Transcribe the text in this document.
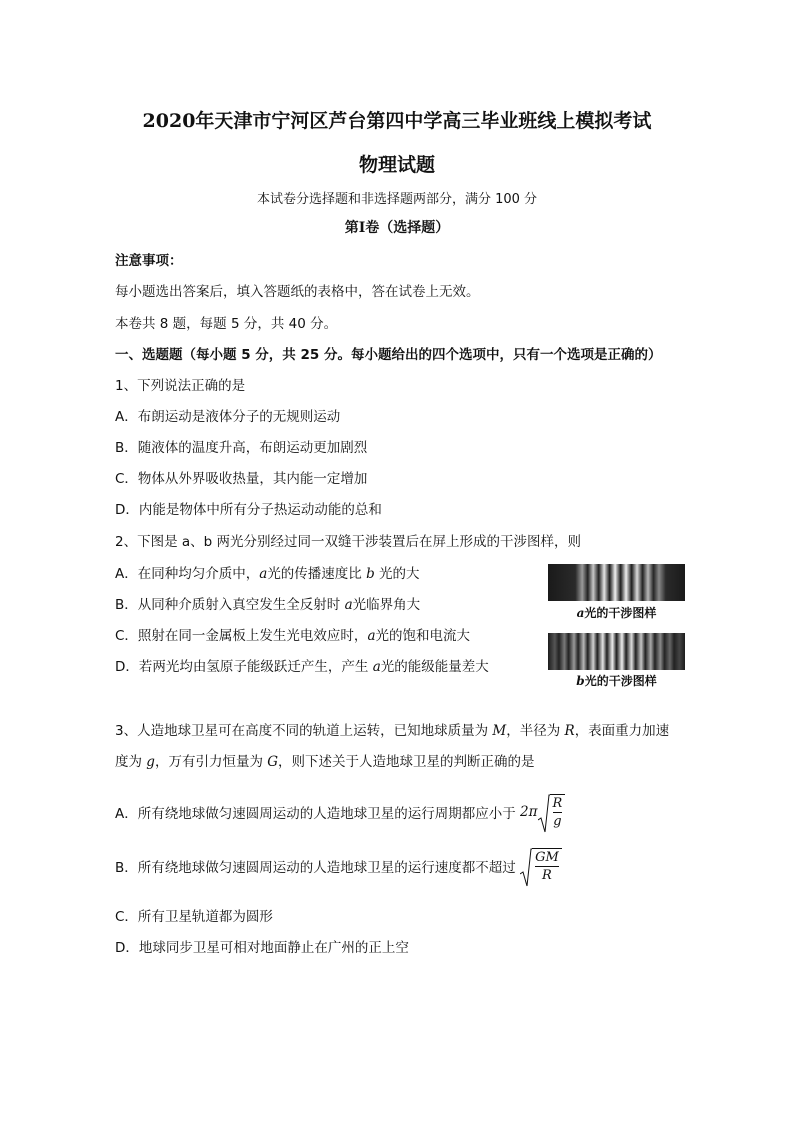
2020年天津市宁河区芦台第四中学高三毕业班线上模拟考试
物理试题
本试卷分选择题和非选择题两部分，满分 100 分
第Ⅰ卷（选择题）
注意事项：
每小题选出答案后，填入答题纸的表格中，答在试卷上无效。
本卷共 8 题，每题 5 分，共 40 分。
一、选题题（每小题 5 分，共 25 分。每小题给出的四个选项中，只有一个选项是正确的）
1、下列说法正确的是
A．布朗运动是液体分子的无规则运动
B．随液体的温度升高，布朗运动更加剧烈
C．物体从外界吸收热量，其内能一定增加
D．内能是物体中所有分子热运动动能的总和
2、下图是 a、b 两光分别经过同一双缝干涉装置后在屏上形成的干涉图样，则
A．在同种均匀介质中，a光的传播速度比 b 光的大
B．从同种介质射入真空发生全反射时 a光临界角大
C．照射在同一金属板上发生光电效应时，a光的饱和电流大
D．若两光均由氢原子能级跃迁产生，产生 a光的能级能量差大
a光的干涉图样
b光的干涉图样
3、人造地球卫星可在高度不同的轨道上运转，已知地球质量为 M，半径为 R，表面重力加速
度为 g，万有引力恒量为 G，则下述关于人造地球卫星的判断正确的是
A．所有绕地球做匀速圆周运动的人造地球卫星的运行周期都应小于 $2\pi \frac{R}{g}$
B．所有绕地球做匀速圆周运动的人造地球卫星的运行速度都不超过 $\frac{GM}{R}$
C．所有卫星轨道都为圆形
D．地球同步卫星可相对地面静止在广州的正上空
